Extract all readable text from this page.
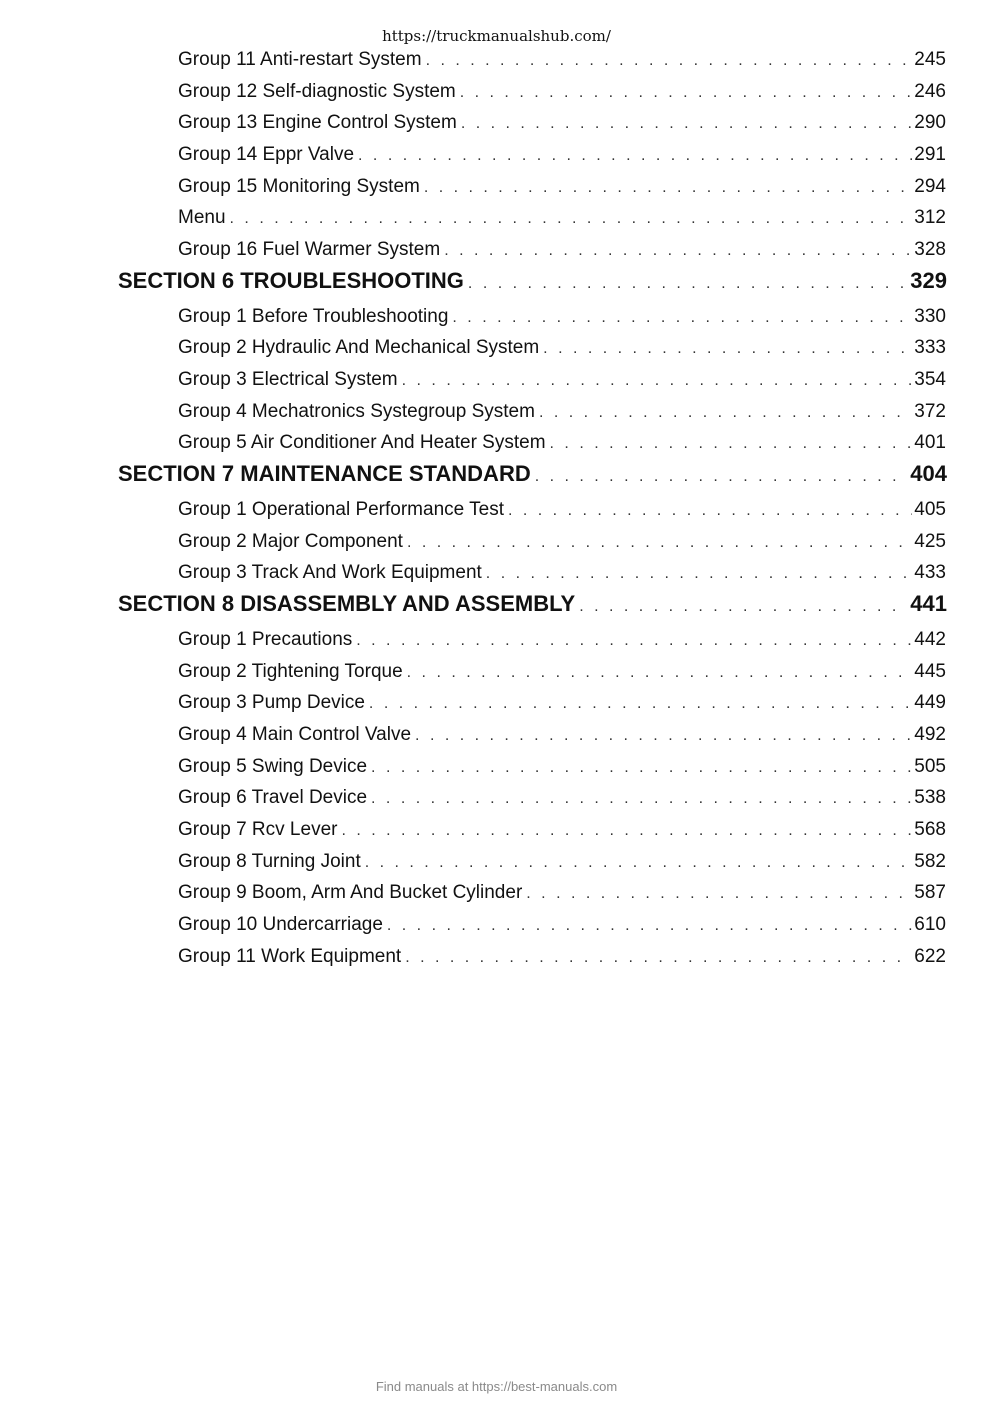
https://truckmanualshub.com/
Group 11 Anti-restart System . . .	245
Group 12 Self-diagnostic System . . .	246
Group 13 Engine Control System . . .	290
Group 14 Eppr Valve . . .	291
Group 15 Monitoring System . . .	294
Menu . . .	312
Group 16 Fuel Warmer System . . .	328
SECTION 6 TROUBLESHOOTING . . .	329
Group 1 Before Troubleshooting . . .	330
Group 2 Hydraulic And Mechanical System . . .	333
Group 3 Electrical System . . .	354
Group 4 Mechatronics Systegroup System . . .	372
Group 5 Air Conditioner And Heater System . . .	401
SECTION 7 MAINTENANCE STANDARD . . .	404
Group 1 Operational Performance Test . . .	405
Group 2 Major Component . . .	425
Group 3 Track And Work Equipment . . .	433
SECTION 8 DISASSEMBLY AND ASSEMBLY . . .	441
Group 1 Precautions . . .	442
Group 2 Tightening Torque . . .	445
Group 3 Pump Device . . .	449
Group 4 Main Control Valve . . .	492
Group 5 Swing Device . . .	505
Group 6 Travel Device . . .	538
Group 7 Rcv Lever . . .	568
Group 8 Turning Joint . . .	582
Group 9 Boom, Arm And Bucket Cylinder . . .	587
Group 10 Undercarriage . . .	610
Group 11 Work Equipment . . .	622
Find manuals at https://best-manuals.com
